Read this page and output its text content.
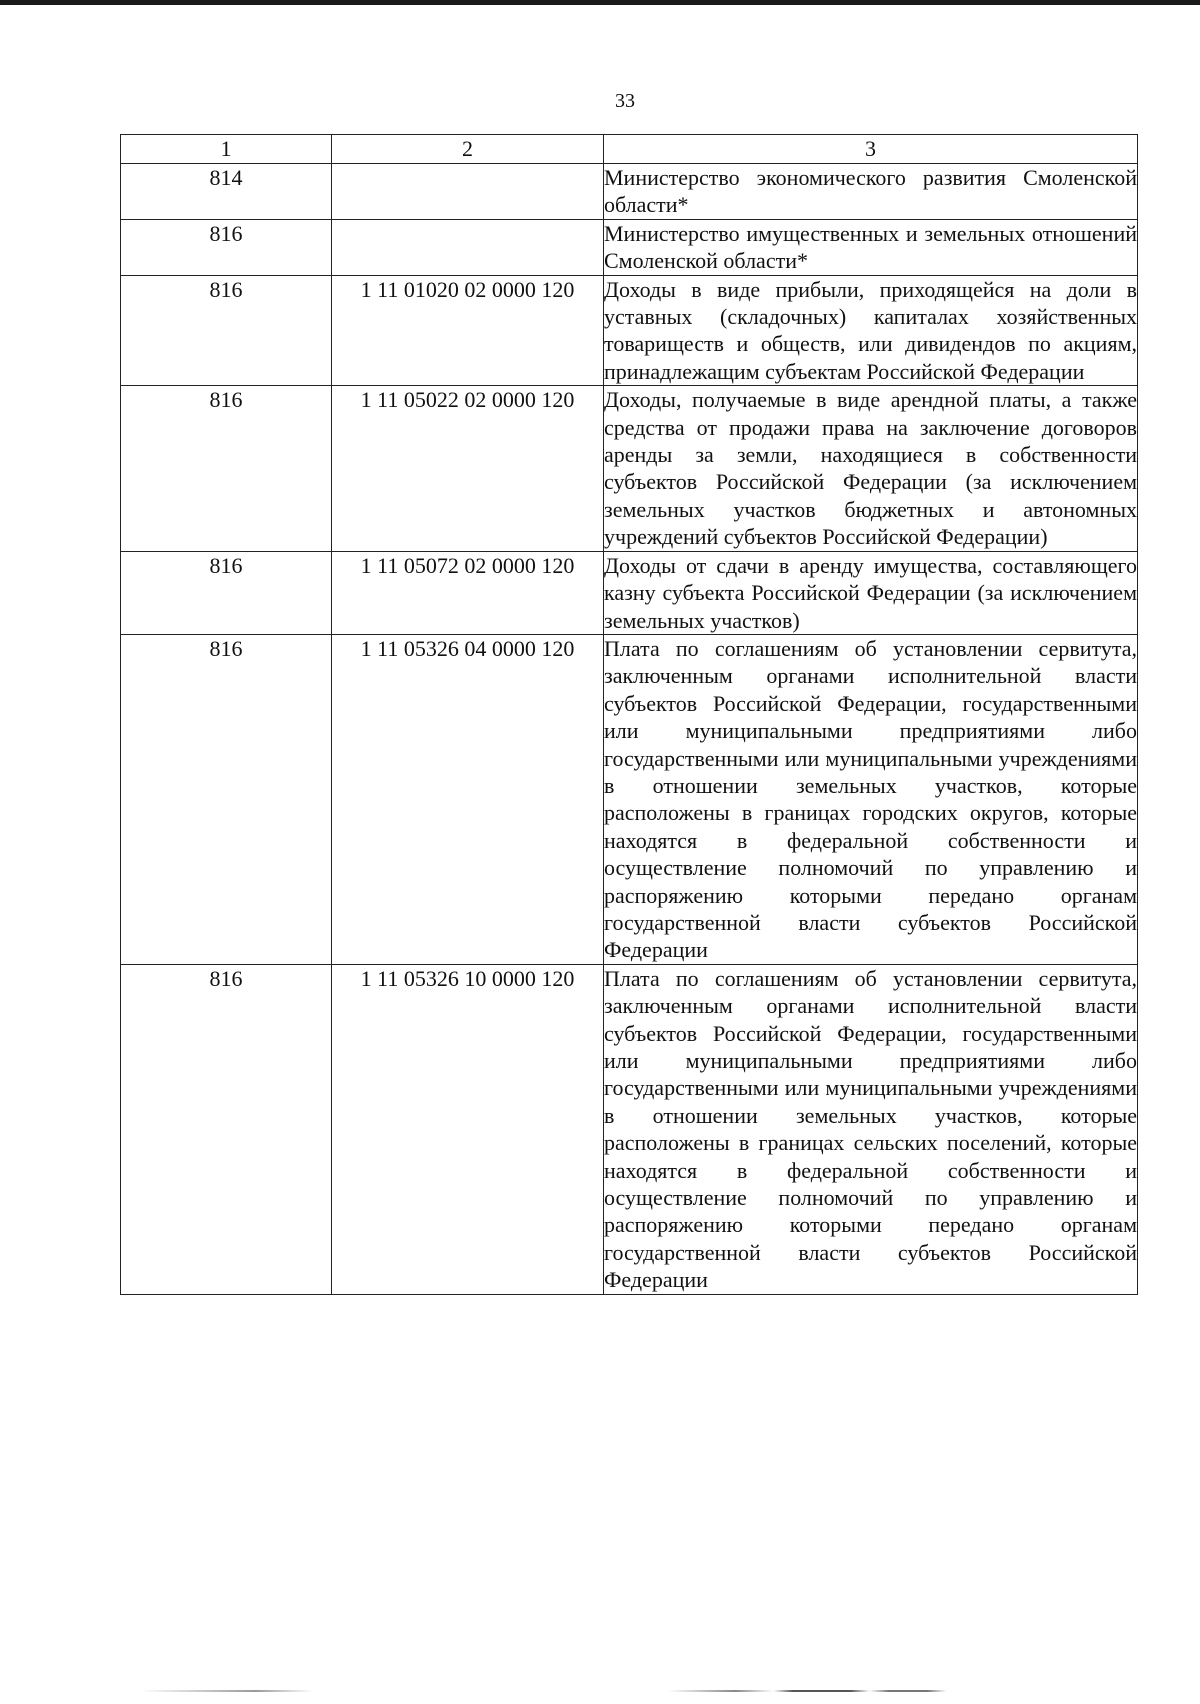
33
1	2	3
814		Министерство экономического развития Смоленской области*
816		Министерство имущественных и земельных отношений Смоленской области*
816	1 11 01020 02 0000 120	Доходы в виде прибыли, приходящейся на доли в уставных (складочных) капиталах хозяйственных товариществ и обществ, или дивидендов по акциям, принадлежащим субъектам Российской Федерации
816	1 11 05022 02 0000 120	Доходы, получаемые в виде арендной платы, а также средства от продажи права на заключение договоров аренды за земли, находящиеся в собственности субъектов Российской Федерации (за исключением земельных участков бюджетных и автономных учреждений субъектов Российской Федерации)
816	1 11 05072 02 0000 120	Доходы от сдачи в аренду имущества, составляющего казну субъекта Российской Федерации (за исключением земельных участков)
816	1 11 05326 04 0000 120	Плата по соглашениям об установлении сервитута, заключенным органами исполнительной власти субъектов Российской Федерации, государственными или муниципальными предприятиями либо государственными или муниципальными учреждениями в отношении земельных участков, которые расположены в границах городских округов, которые находятся в федеральной собственности и осуществление полномочий по управлению и распоряжению которыми передано органам государственной власти субъектов Российской Федерации
816	1 11 05326 10 0000 120	Плата по соглашениям об установлении сервитута, заключенным органами исполнительной власти субъектов Российской Федерации, государственными или муниципальными предприятиями либо государственными или муниципальными учреждениями в отношении земельных участков, которые расположены в границах сельских поселений, которые находятся в федеральной собственности и осуществление полномочий по управлению и распоряжению которыми передано органам государственной власти субъектов Российской Федерации
